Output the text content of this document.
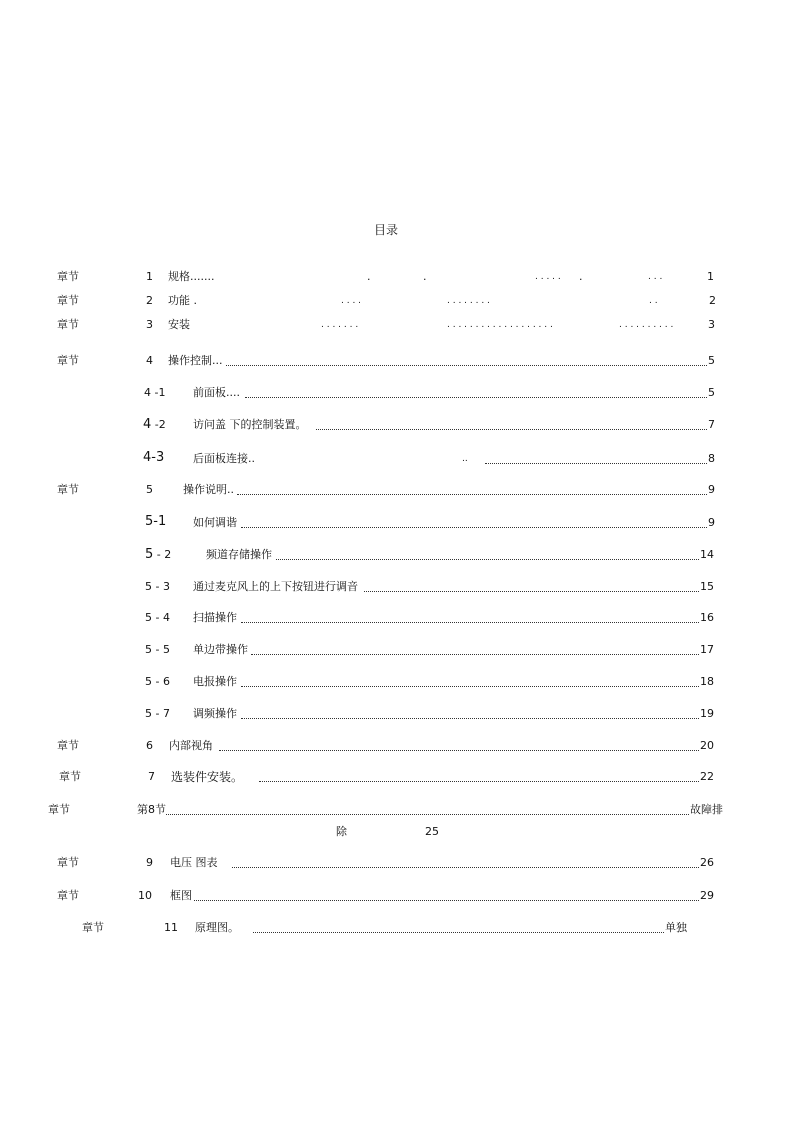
目录
章节	1 规格.......	.	.	. . . . . .	. . .	1
章节	2 功能 .	. . . .	. . . . . . . .	. .	2
章节	3 安装	. . . . . . .	. . . . . . . . . . . . . . . . . . .	. . . . . . . . . .	3
章节	4 操作控制...	5
4 -1	前面板....	5
4 -2 访问盖 下的控制装置。	7
4-3	后面板连接..	..	8
章节	5	操作说明..	9
5-1 如何调谐	9
5 - 2	频道存储操作	14
5 - 3 通过麦克风上的上下按钮进行调音	15
5 - 4 扫描操作	16
5 - 5 单边带操作	17
5 - 6 电报操作	18
5 - 7 调频操作	19
章节	6 内部视角	20
章节	7 选装件安装。	22
章节	第8节	故障排
除	25
章节	9 电压 图表	26
章节	10 框图	29
章节	11 原理图。	单独
